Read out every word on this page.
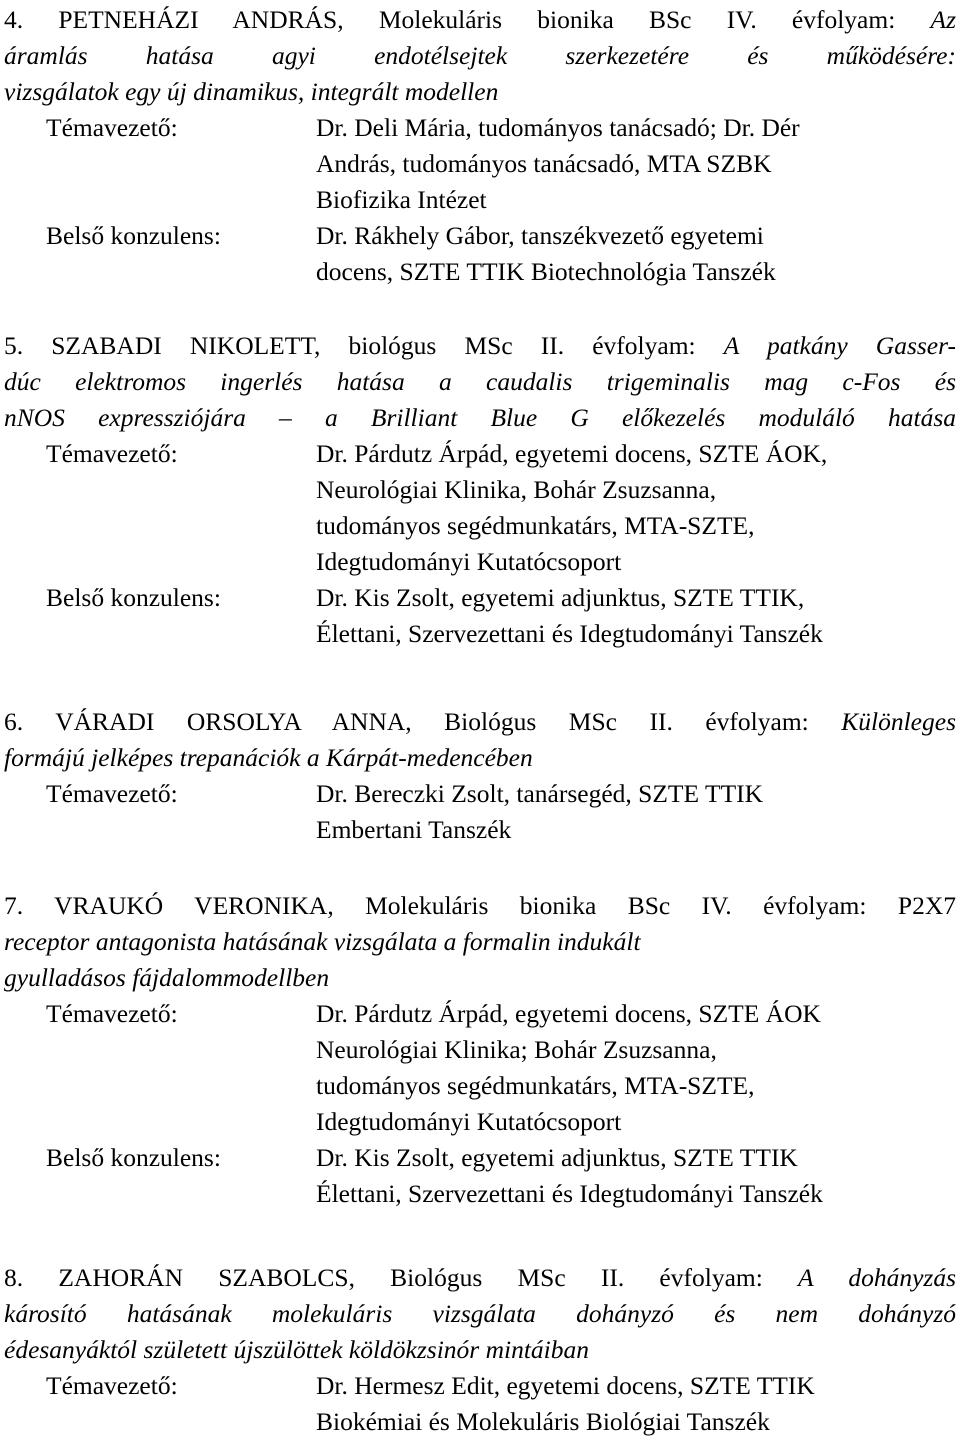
4. PETNEHÁZI ANDRÁS, Molekuláris bionika BSc IV. évfolyam: Az
áramlás hatása agyi endotélsejtek szerkezetére és működésére:
vizsgálatok egy új dinamikus, integrált modellen
Témavezető:	Dr. Deli Mária, tudományos tanácsadó; Dr. Dér
András, tudományos tanácsadó, MTA SZBK
Biofizika Intézet
Belső konzulens:	Dr. Rákhely Gábor, tanszékvezető egyetemi
docens, SZTE TTIK Biotechnológia Tanszék
5. SZABADI NIKOLETT, biológus MSc II. évfolyam: A patkány Gasser-
dúc elektromos ingerlés hatása a caudalis trigeminalis mag c-Fos és
nNOS expressziójára – a Brilliant Blue G előkezelés moduláló hatása
Témavezető:	Dr. Párdutz Árpád, egyetemi docens, SZTE ÁOK,
Neurológiai Klinika, Bohár Zsuzsanna,
tudományos segédmunkatárs, MTA-SZTE,
Idegtudományi Kutatócsoport
Belső konzulens:	Dr. Kis Zsolt, egyetemi adjunktus, SZTE TTIK,
Élettani, Szervezettani és Idegtudományi Tanszék
6. VÁRADI ORSOLYA ANNA, Biológus MSc II. évfolyam: Különleges
formájú jelképes trepanációk a Kárpát-medencében
Témavezető:	Dr. Bereczki Zsolt, tanársegéd, SZTE TTIK
Embertani Tanszék
7. VRAUKÓ VERONIKA, Molekuláris bionika BSc IV. évfolyam: P2X7
receptor antagonista hatásának vizsgálata a formalin indukált
gyulladásos fájdalommodellben
Témavezető:	Dr. Párdutz Árpád, egyetemi docens, SZTE ÁOK
Neurológiai Klinika; Bohár Zsuzsanna,
tudományos segédmunkatárs, MTA-SZTE,
Idegtudományi Kutatócsoport
Belső konzulens:	Dr. Kis Zsolt, egyetemi adjunktus, SZTE TTIK
Élettani, Szervezettani és Idegtudományi Tanszék
8. ZAHORÁN SZABOLCS, Biológus MSc II. évfolyam: A dohányzás
károsító hatásának molekuláris vizsgálata dohányzó és nem dohányzó
édesanyáktól született újszülöttek köldökzsinór mintáiban
Témavezető:	Dr. Hermesz Edit, egyetemi docens, SZTE TTIK
Biokémiai és Molekuláris Biológiai Tanszék
